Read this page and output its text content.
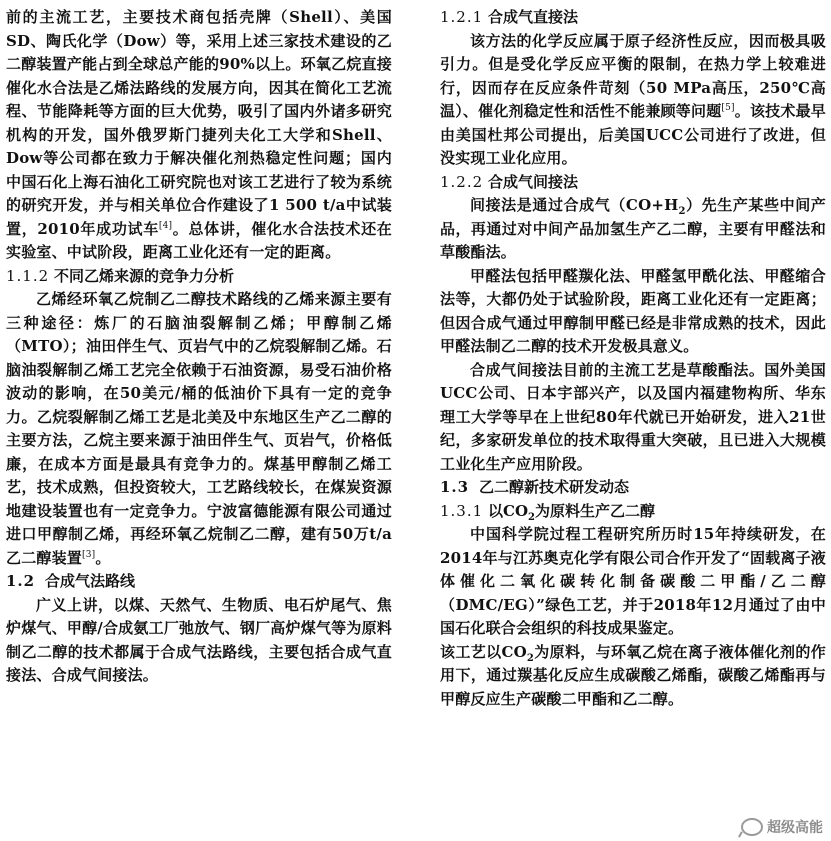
前的主流工艺，主要技术商包括壳牌（Shell）、美国SD、陶氏化学（Dow）等，采用上述三家技术建设的乙二醇装置产能占到全球总产能的90%以上。环氧乙烷直接催化水合法是乙烯法路线的发展方向，因其在简化工艺流程、节能降耗等方面的巨大优势，吸引了国内外诸多研究机构的开发，国外俄罗斯门捷列夫化工大学和Shell、Dow等公司都在致力于解决催化剂热稳定性问题；国内中国石化上海石油化工研究院也对该工艺进行了较为系统的研究开发，并与相关单位合作建设了1 500 t/a中试装置，2010年成功试车[4]。总体讲，催化水合法技术还在实验室、中试阶段，距离工业化还有一定的距离。

1.1.2 不同乙烯来源的竞争力分析

乙烯经环氧乙烷制乙二醇技术路线的乙烯来源主要有三种途径：炼厂的石脑油裂解制乙烯；甲醇制乙烯（MTO）；油田伴生气、页岩气中的乙烷裂解制乙烯。石脑油裂解制乙烯工艺完全依赖于石油资源，易受石油价格波动的影响，在50美元/桶的低油价下具有一定的竞争力。乙烷裂解制乙烯工艺是北美及中东地区生产乙二醇的主要方法，乙烷主要来源于油田伴生气、页岩气，价格低廉，在成本方面是最具有竞争力的。煤基甲醇制乙烯工艺，技术成熟，但投资较大，工艺路线较长，在煤炭资源地建设装置也有一定竞争力。宁波富德能源有限公司通过进口甲醇制乙烯，再经环氧乙烷制乙二醇，建有50万t/a乙二醇装置[3]。

1.2 合成气法路线

广义上讲，以煤、天然气、生物质、电石炉尾气、焦炉煤气、甲醇/合成氨工厂弛放气、钢厂高炉煤气等为原料制乙二醇的技术都属于合成气法路线，主要包括合成气直接法、合成气间接法。

1.2.1 合成气直接法

该方法的化学反应属于原子经济性反应，因而极具吸引力。但是受化学反应平衡的限制，在热力学上较难进行，因而存在反应条件苛刻（50 MPa高压，250℃高温）、催化剂稳定性和活性不能兼顾等问题[5]。该技术最早由美国杜邦公司提出，后美国UCC公司进行了改进，但没实现工业化应用。

1.2.2 合成气间接法

间接法是通过合成气$(CO+H_2)$先生产某些中间产品，再通过对中间产品加氢生产乙二醇，主要有甲醛法和草酸酯法。

甲醛法包括甲醛羰化法、甲醛氢甲酰化法、甲醛缩合法等，大都仍处于试验阶段，距离工业化还有一定距离；但因合成气通过甲醇制甲醛已经是非常成熟的技术，因此甲醛法制乙二醇的技术开发极具意义。

合成气间接法目前的主流工艺是草酸酯法。国外美国UCC公司、日本宇部兴产，以及国内福建物构所、华东理工大学等早在上世纪80年代就已开始研发，进入21世纪，多家研发单位的技术取得重大突破，且已进入大规模工业化生产应用阶段。

1.3 乙二醇新技术研发动态

1.3.1 以$CO_2$为原料生产乙二醇

中国科学院过程工程研究所历时15年持续研发，在2014年与江苏奥克化学有限公司合作开发了“固载离子液体催化二氧化碳转化制备碳酸二甲酯/乙二醇（DMC/EG）”绿色工艺，并于2018年12月通过了由中国石化联合会组织的科技成果鉴定。

该工艺以$CO_2$为原料，与环氧乙烷在离子液体催化剂的作用下，通过羰基化反应生成碳酸乙烯酯，碳酸乙烯酯再与甲醇反应生产碳酸二甲酯和乙二醇。

超级高能
